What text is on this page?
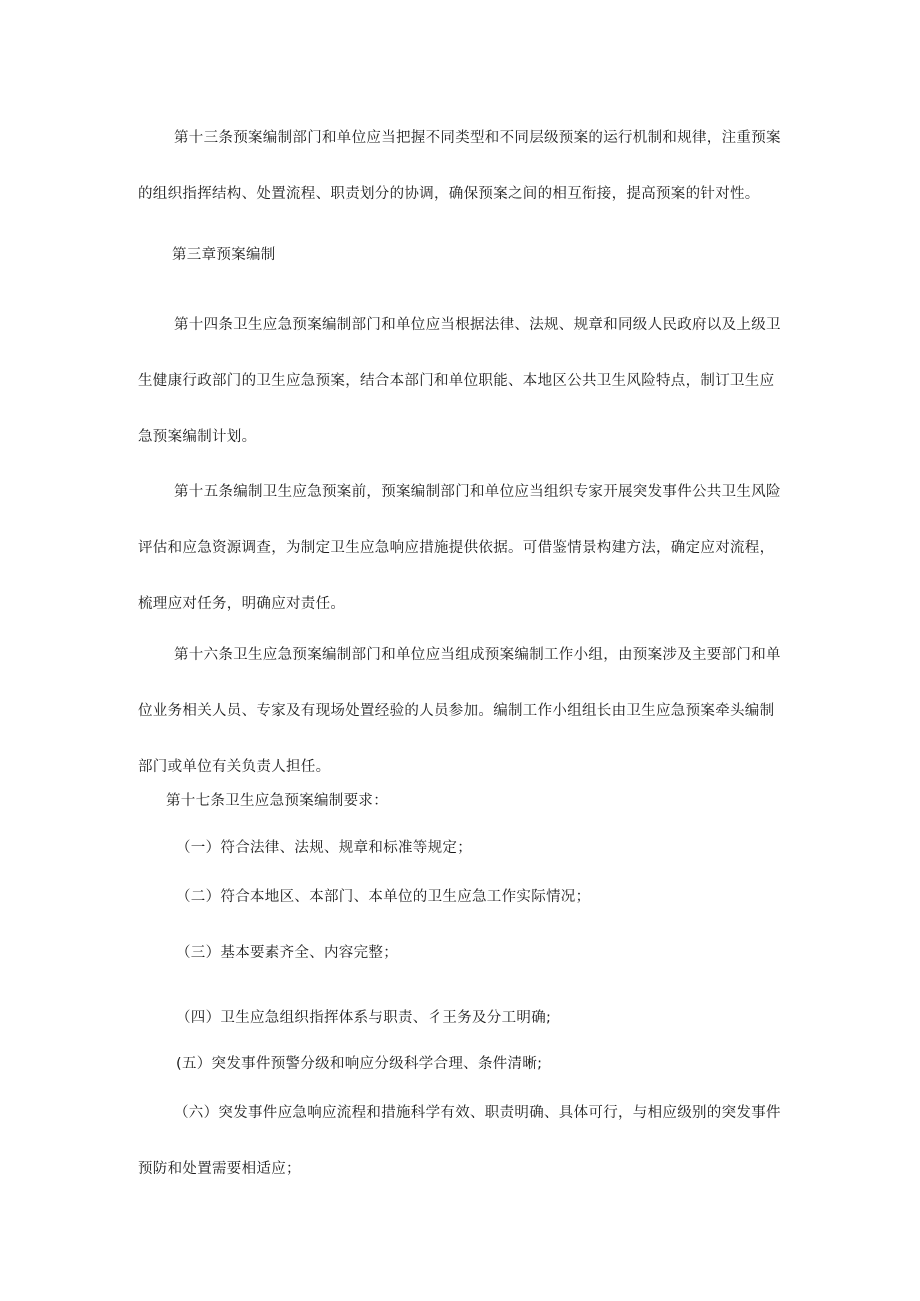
第十三条预案编制部门和单位应当把握不同类型和不同层级预案的运行机制和规律，注重预案的组织指挥结构、处置流程、职责划分的协调，确保预案之间的相互衔接，提高预案的针对性。

第三章预案编制

第十四条卫生应急预案编制部门和单位应当根据法律、法规、规章和同级人民政府以及上级卫生健康行政部门的卫生应急预案，结合本部门和单位职能、本地区公共卫生风险特点，制订卫生应急预案编制计划。

第十五条编制卫生应急预案前，预案编制部门和单位应当组织专家开展突发事件公共卫生风险评估和应急资源调查，为制定卫生应急响应措施提供依据。可借鉴情景构建方法，确定应对流程，梳理应对任务，明确应对责任。

第十六条卫生应急预案编制部门和单位应当组成预案编制工作小组，由预案涉及主要部门和单位业务相关人员、专家及有现场处置经验的人员参加。编制工作小组组长由卫生应急预案牵头编制部门或单位有关负责人担任。

第十七条卫生应急预案编制要求：

（一）符合法律、法规、规章和标准等规定；

（二）符合本地区、本部门、本单位的卫生应急工作实际情况；

（三）基本要素齐全、内容完整；

（四）卫生应急组织指挥体系与职责、彳王务及分工明确;

(五）突发事件预警分级和响应分级科学合理、条件清晰;

（六）突发事件应急响应流程和措施科学有效、职责明确、具体可行，与相应级别的突发事件预防和处置需要相适应；
